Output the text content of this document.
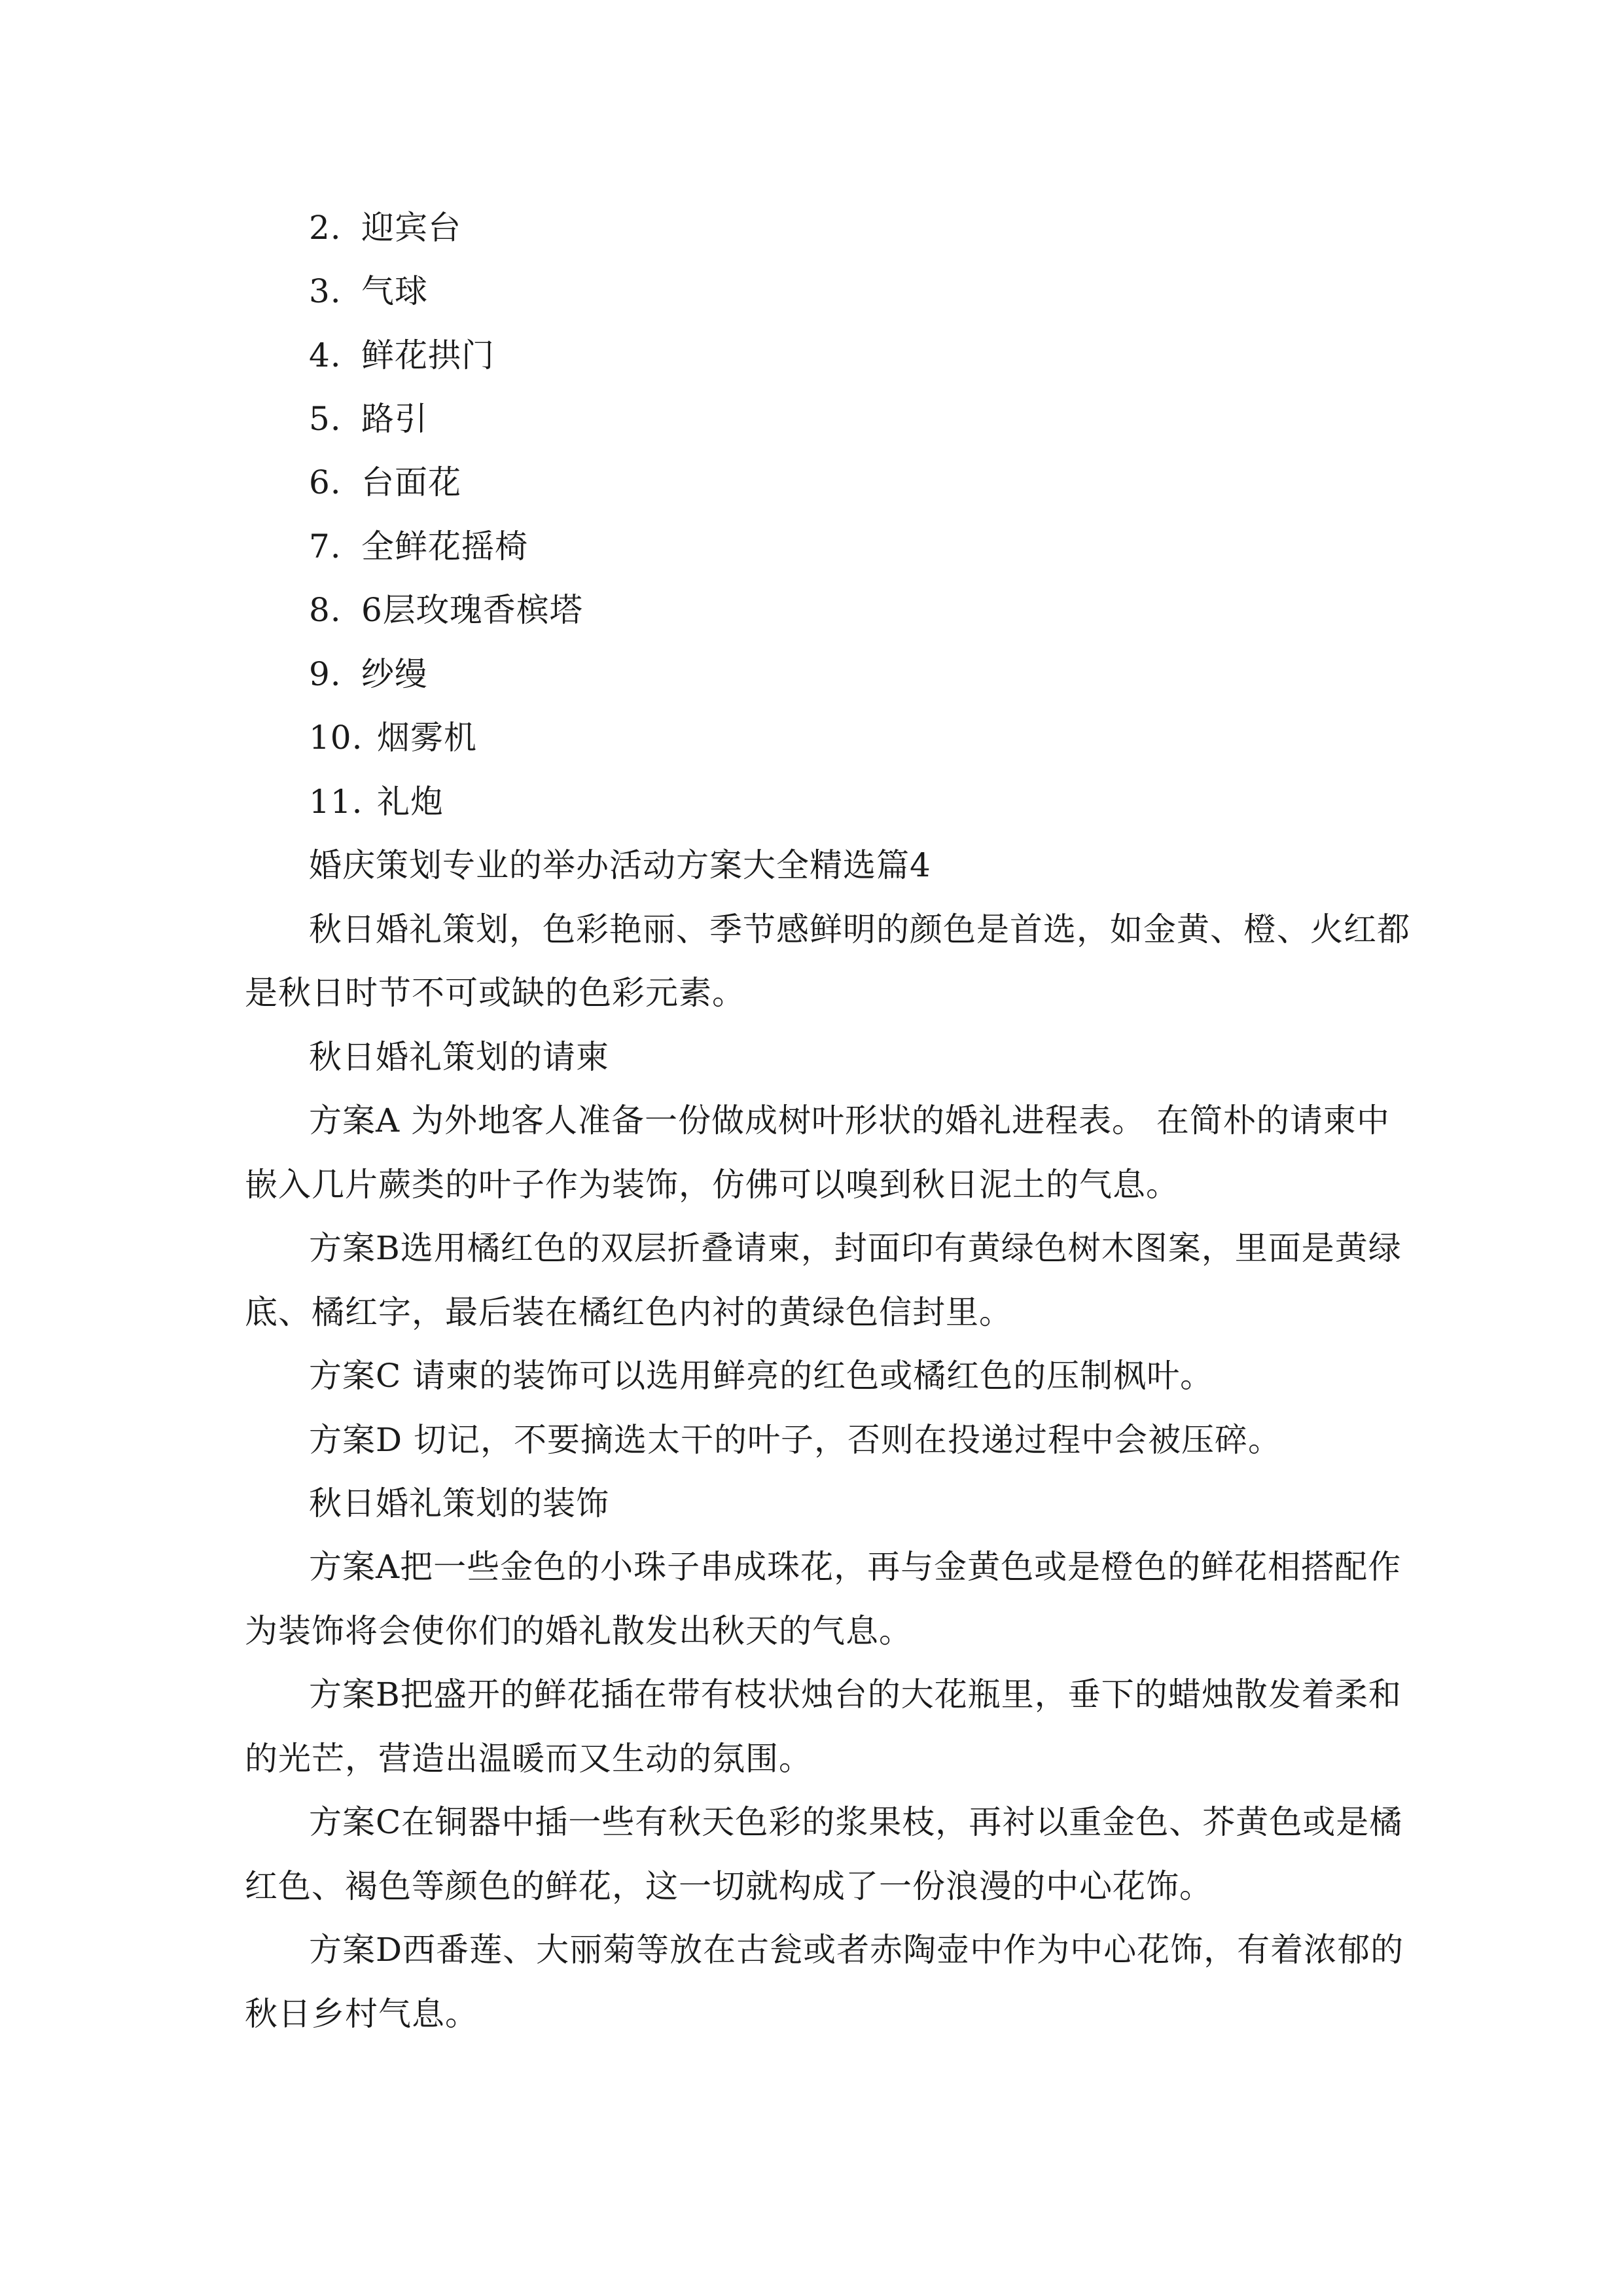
2. 迎宾台
3. 气球
4. 鲜花拱门
5. 路引
6. 台面花
7. 全鲜花摇椅
8. 6层玫瑰香槟塔
9. 纱缦
10. 烟雾机
11. 礼炮
婚庆策划专业的举办活动方案大全精选篇4
秋日婚礼策划，色彩艳丽、季节感鲜明的颜色是首选，如金黄、橙、火红都
是秋日时节不可或缺的色彩元素。
秋日婚礼策划的请柬
方案A 为外地客人准备一份做成树叶形状的婚礼进程表。 在简朴的请柬中
嵌入几片蕨类的叶子作为装饰，仿佛可以嗅到秋日泥土的气息。
方案B选用橘红色的双层折叠请柬，封面印有黄绿色树木图案，里面是黄绿
底、橘红字，最后装在橘红色内衬的黄绿色信封里。
方案C 请柬的装饰可以选用鲜亮的红色或橘红色的压制枫叶。
方案D 切记，不要摘选太干的叶子，否则在投递过程中会被压碎。
秋日婚礼策划的装饰
方案A把一些金色的小珠子串成珠花，再与金黄色或是橙色的鲜花相搭配作
为装饰将会使你们的婚礼散发出秋天的气息。
方案B把盛开的鲜花插在带有枝状烛台的大花瓶里，垂下的蜡烛散发着柔和
的光芒，营造出温暖而又生动的氛围。
方案C在铜器中插一些有秋天色彩的浆果枝，再衬以重金色、芥黄色或是橘
红色、褐色等颜色的鲜花，这一切就构成了一份浪漫的中心花饰。
方案D西番莲、大丽菊等放在古瓮或者赤陶壶中作为中心花饰，有着浓郁的
秋日乡村气息。
